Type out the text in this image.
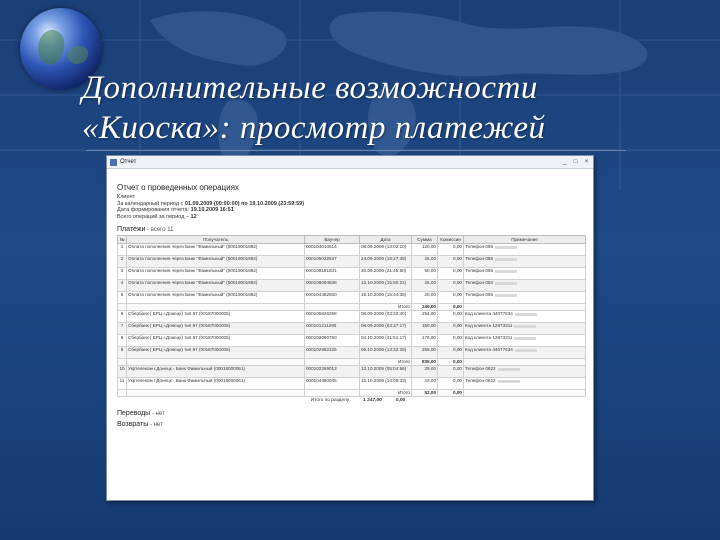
Дополнительные возможности
«Киоска»: просмотр платежей
Отчет	_	□	×
Отчет о проведенных операциях
Клиент
За календарный период с 01.09.2009 (00:00:00) по 19.10.2009 (23:59:59)
Дата формирования отчета: 19.10.2009 16:51
Всего операций за период – 12
Платежи - всего 11
№	Получатель	Ваучер	Дата	Сумма	Комиссия	Примечание
1	Оплата пополнения через Банк "Фамильный" (00019001892)	000104010614	08.09.2009 (13:02:10)	120,00	0,00	Телефон 095
2	Оплата пополнения через Банк "Фамильный" (00019001892)	000105022537	24.09.2009 (18:27:49)	25,00	0,00	Телефон 095
3	Оплата пополнения через Банк "Фамильный" (00019001892)	000108181831	30.09.2009 (21:45:50)	50,00	0,00	Телефон 095
4	Оплата пополнения через Банк "Фамильный" (00019001892)	000108094538	13.10.2009 (15:50:21)	25,00	0,00	Телефон 050
5	Оплата пополнения через Банк "Фамильный" (00019001892)	000104482930	19.10.2009 (15:44:38)	20,00	0,00	Телефон 095
			Итого	240,00	0,00	
6	Сбербанк ( ЕРЦ г.Донецк) тип 87 (00187000005)	000105826258	08.09.2009 (03:22:40)	254,00	0,00	Код клиента 44077634
7	Сбербанк ( ЕРЦ г.Донецк) тип 87 (00187000005)	000101211290	08.09.2009 (03:27:17)	150,00	0,00	Код клиента 12973311
8	Сбербанк ( ЕРЦ г.Донецк) тип 87 (00187000005)	000102090750	04.10.2009 (21:51:17)	176,00	0,00	Код клиента 12973311
9	Сбербанк ( ЕРЦ г.Донецк) тип 87 (00187000005)	000102982225	05.10.2009 (13:32:28)	255,00	0,00	Код клиента 44077634
			Итого	835,00	0,00	
10	Укртелеком г.Донецк - Банк Фамильный (00018000061)	000102369013	13.10.2009 (05:04:56)	29,00	0,00	Телефон 0622
11	Укртелеком г.Донецк - Банк Фамильный (00018000061)	000104480045	13.10.2009 (14:08:33)	23,00	0,00	Телефон 0622
			Итого	52,00	0,00	
Итого по разделу	1 247,00	0,00
Переводы - нет
Возвраты - нет
